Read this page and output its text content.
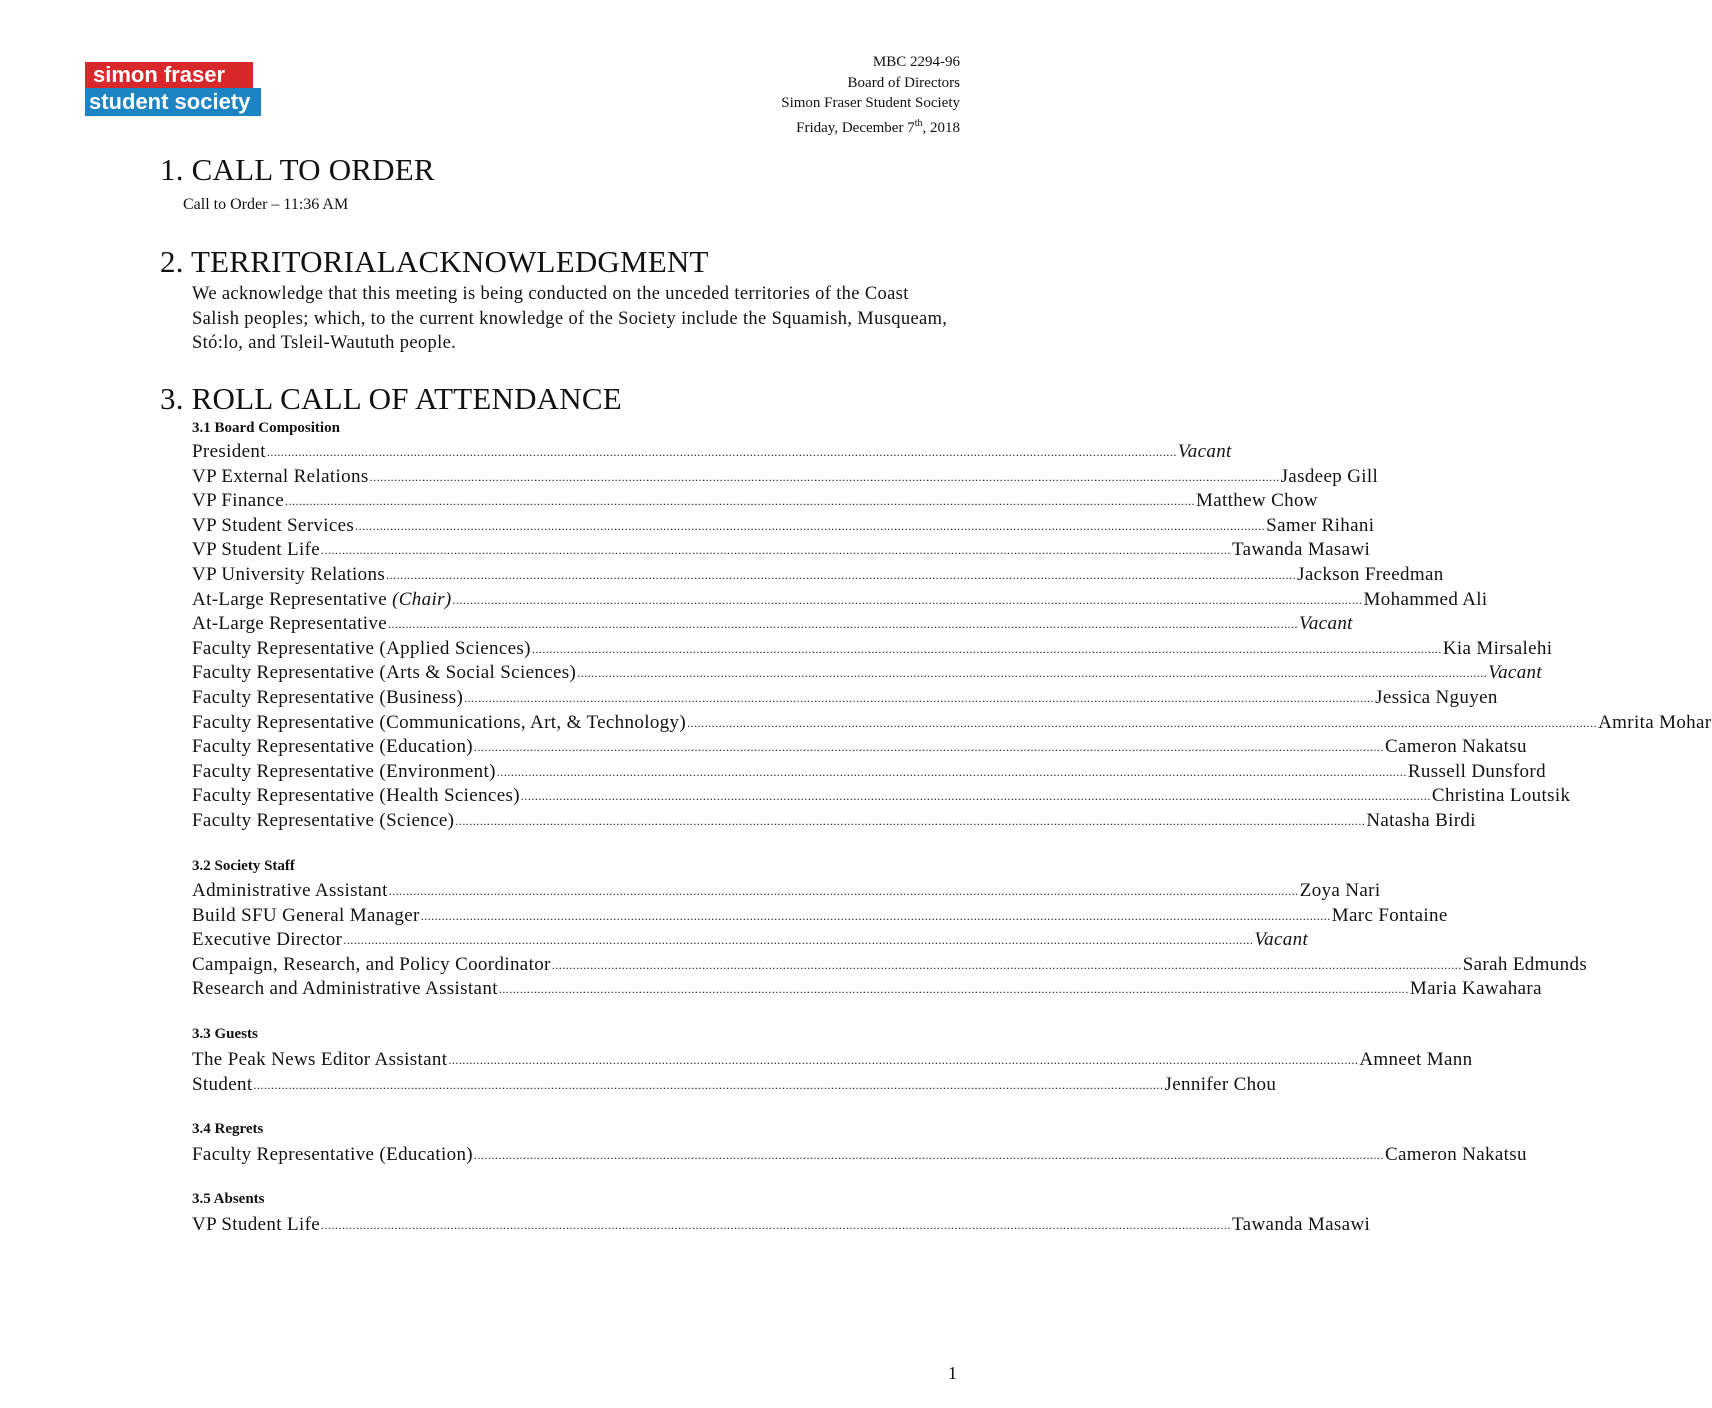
simon fraser
student society
MBC 2294-96
Board of Directors
Simon Fraser Student Society
Friday, December 7th, 2018
1. CALL TO ORDER
Call to Order – 11:36 AM
2. TERRITORIALACKNOWLEDGMENT
We acknowledge that this meeting is being conducted on the unceded territories of the Coast Salish peoples; which, to the current knowledge of the Society include the Squamish, Musqueam, Stó:lo, and Tsleil-Waututh people.
3. ROLL CALL OF ATTENDANCE
3.1 Board Composition
President .................................................................................................................................................................................................................................................................... Vacant
VP External Relations .................................................................................................................................................................................................................................................................... Jasdeep Gill
VP Finance .................................................................................................................................................................................................................................................................... Matthew Chow
VP Student Services .................................................................................................................................................................................................................................................................... Samer Rihani
VP Student Life .................................................................................................................................................................................................................................................................... Tawanda Masawi
VP University Relations .................................................................................................................................................................................................................................................................... Jackson Freedman
At-Large Representative (Chair) .................................................................................................................................................................................................................................................................... Mohammed Ali
At-Large Representative .................................................................................................................................................................................................................................................................... Vacant
Faculty Representative (Applied Sciences) .................................................................................................................................................................................................................................................................... Kia Mirsalehi
Faculty Representative (Arts & Social Sciences) .................................................................................................................................................................................................................................................................... Vacant
Faculty Representative (Business) .................................................................................................................................................................................................................................................................... Jessica Nguyen
Faculty Representative (Communications, Art, & Technology) .................................................................................................................................................................................................................................................................... Amrita Mohar
Faculty Representative (Education) .................................................................................................................................................................................................................................................................... Cameron Nakatsu
Faculty Representative (Environment) .................................................................................................................................................................................................................................................................... Russell Dunsford
Faculty Representative (Health Sciences) .................................................................................................................................................................................................................................................................... Christina Loutsik
Faculty Representative (Science) .................................................................................................................................................................................................................................................................... Natasha Birdi
3.2 Society Staff
Administrative Assistant .................................................................................................................................................................................................................................................................... Zoya Nari
Build SFU General Manager .................................................................................................................................................................................................................................................................... Marc Fontaine
Executive Director .................................................................................................................................................................................................................................................................... Vacant
Campaign, Research, and Policy Coordinator .................................................................................................................................................................................................................................................................... Sarah Edmunds
Research and Administrative Assistant .................................................................................................................................................................................................................................................................... Maria Kawahara
3.3 Guests
The Peak News Editor Assistant .................................................................................................................................................................................................................................................................... Amneet Mann
Student .................................................................................................................................................................................................................................................................... Jennifer Chou
3.4 Regrets
Faculty Representative (Education) .................................................................................................................................................................................................................................................................... Cameron Nakatsu
3.5 Absents
VP Student Life .................................................................................................................................................................................................................................................................... Tawanda Masawi
1
